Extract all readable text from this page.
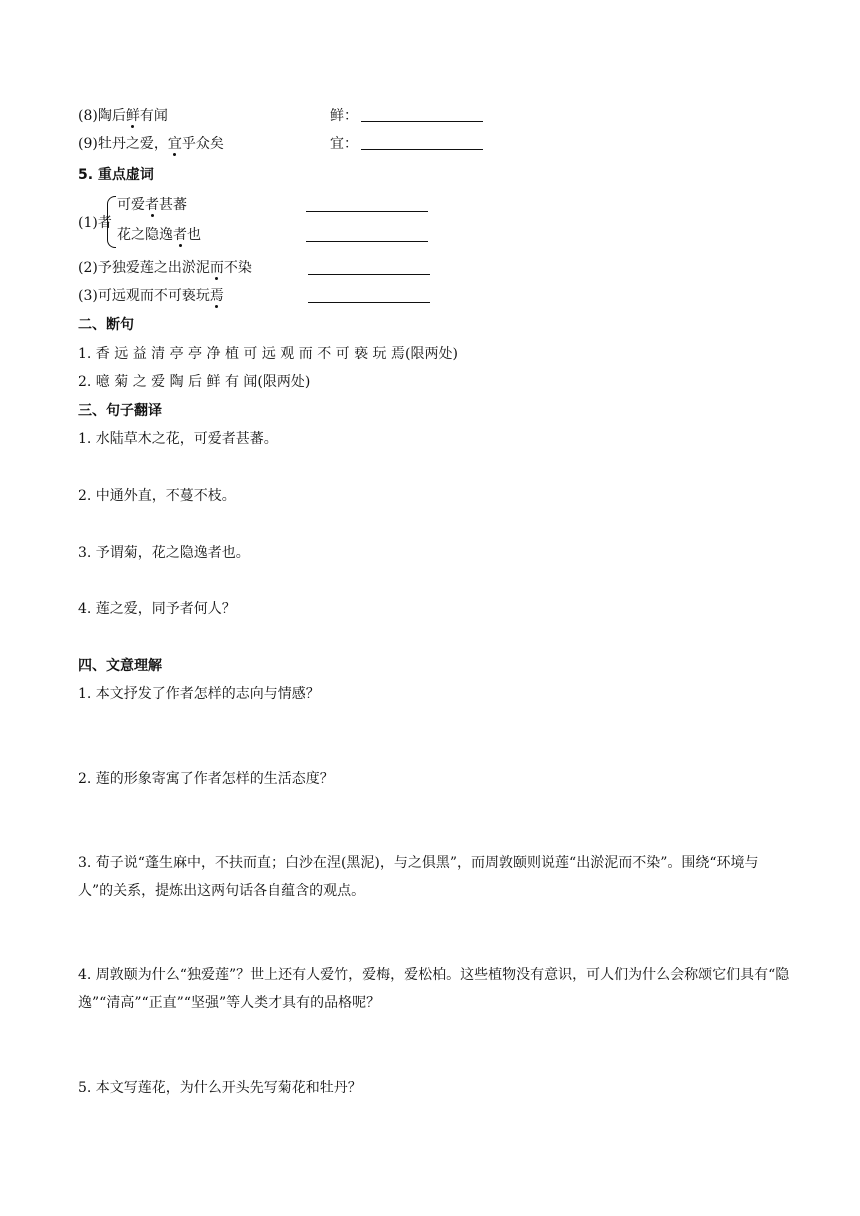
(8)陶后鲜有闻	鲜：
(9)牡丹之爱，宜乎众矣	宜：
5. 重点虚词
(1)者
可爱者甚蕃
花之隐逸者也
(2)予独爱莲之出淤泥而不染
(3)可远观而不可亵玩焉
二、断句
1. 香 远 益 清 亭 亭 净 植 可 远 观 而 不 可 亵 玩 焉(限两处)
2. 噫 菊 之 爱 陶 后 鲜 有 闻(限两处)
三、句子翻译
1. 水陆草木之花，可爱者甚蕃。
2. 中通外直，不蔓不枝。
3. 予谓菊，花之隐逸者也。
4. 莲之爱，同予者何人？
四、文意理解
1. 本文抒发了作者怎样的志向与情感？
2. 莲的形象寄寓了作者怎样的生活态度？
3. 荀子说“蓬生麻中，不扶而直；白沙在涅(黑泥)，与之俱黑”，而周敦颐则说莲“出淤泥而不染”。围绕“环境与人”的关系，提炼出这两句话各自蕴含的观点。
4. 周敦颐为什么“独爱莲”？世上还有人爱竹，爱梅，爱松柏。这些植物没有意识，可人们为什么会称颂它们具有“隐逸”“清高”“正直”“坚强”等人类才具有的品格呢？
5. 本文写莲花，为什么开头先写菊花和牡丹？
